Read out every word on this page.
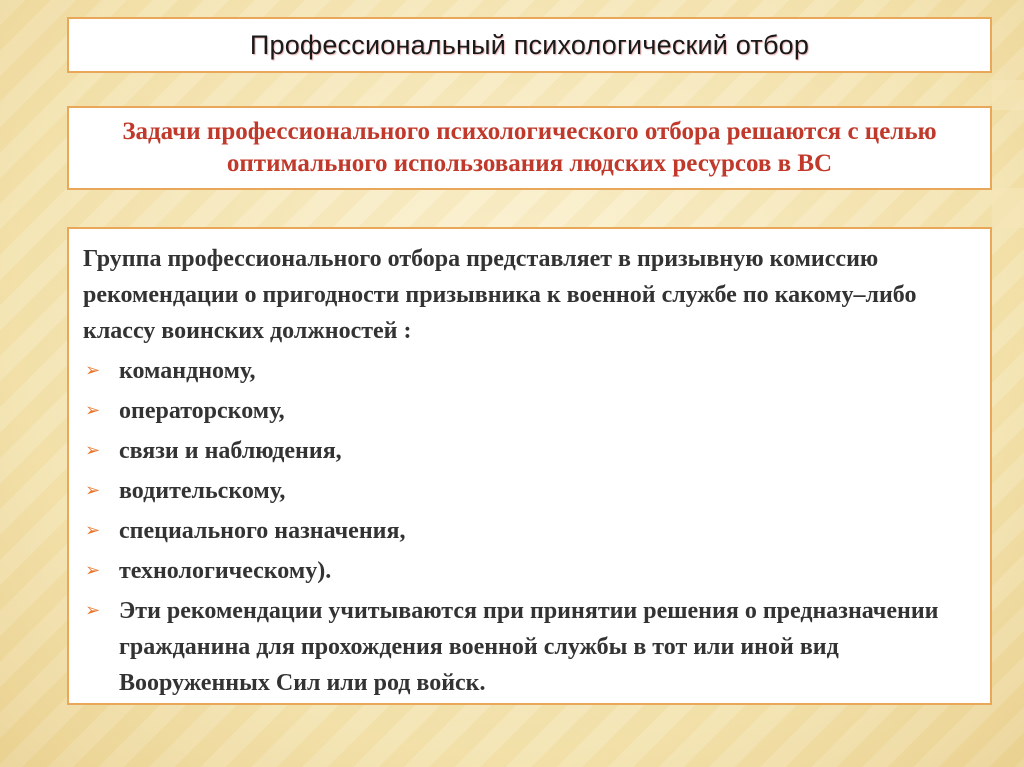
Профессиональный психологический отбор

Задачи профессионального психологического отбора решаются с целью оптимального использования людских ресурсов в ВС

Группа профессионального отбора представляет в призывную комиссию рекомендации о пригодности призывника к военной службе по какому–либо классу воинских должностей :

➢ командному,
➢ операторскому,
➢ связи и наблюдения,
➢ водительскому,
➢ специального назначения,
➢ технологическому).
➢ Эти рекомендации учитываются при принятии решения о предназначении гражданина для прохождения военной службы в тот или иной вид Вооруженных Сил или род войск.
